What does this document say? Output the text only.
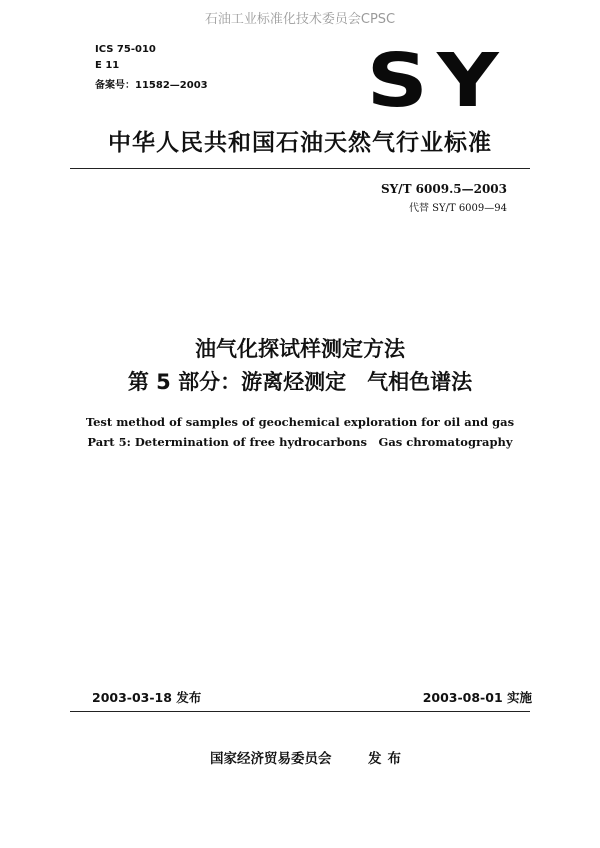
石油工业标准化技术委员会CPSC
ICS 75-010
E 11
备案号：11582—2003 SY
中华人民共和国石油天然气行业标准
SY/T 6009.5—2003
代替 SY/T 6009—94
油气化探试样测定方法
第 5 部分：游离烃测定　气相色谱法
Test method of samples of geochemical exploration for oil and gas
Part 5: Determination of free hydrocarbons　Gas chromatography
2003-03-18 发布	2003-08-01 实施
国家经济贸易委员会	发布
